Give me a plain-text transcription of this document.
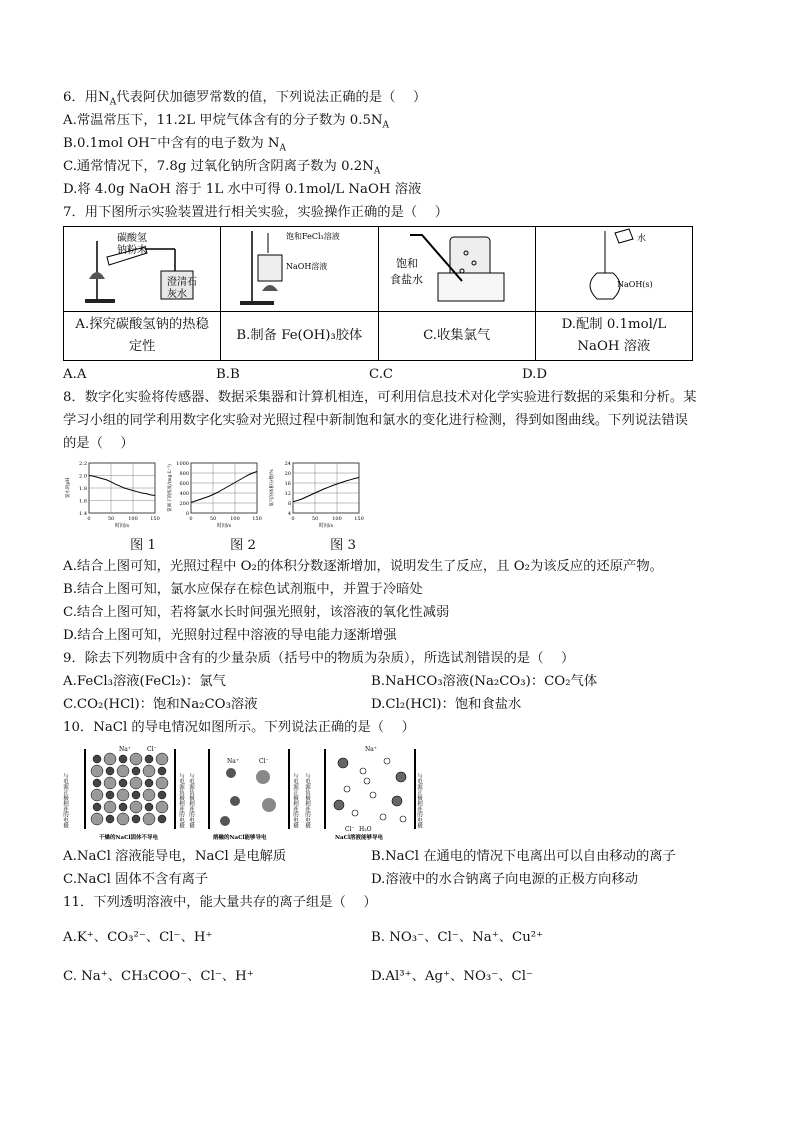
6．用$N_A$代表阿伏加德罗常数的值，下列说法正确的是（　 ）
A.常温常压下，11.2L 甲烷气体含有的分子数为 $0.5N_A$
B.0.1mol OH−中含有的电子数为 $N_A$
C.通常情况下，7.8g 过氧化钠所含阴离子数为 $0.2N_A$
D.将 4.0g NaOH 溶于 1L 水中可得 0.1mol/L NaOH 溶液
7．用下图所示实验装置进行相关实验，实验操作正确的是（　 ）
碳酸氢
钠粉末
澄清石
灰水	饱和FeCl₃溶液
NaOH溶液	饱和
食盐水	水
NaOH(s)

A.探究碳酸氢钠的热稳定性	B.制备 Fe(OH)₃胶体	C.收集氯气	D.配制 0.1mol/L NaOH 溶液
A.A	B.B	C.C	D.D
8．数字化实验将传感器、数据采集器和计算机相连，可利用信息技术对化学实验进行数据的采集和分析。某
学习小组的同学利用数字化实验对光照过程中新制饱和氯水的变化进行检测，得到如图曲线。下列说法错误
的是（　 ）
2.2
2.0
1.8
1.6
1.4
0	50	100 150
时间/s
氯水的pH
1000
800
600
400
200
0
0	50	100 150
时间/s
氯离子的浓度/(mg·L⁻¹)
24
20
16
12
8
4
0	50	100 150
时间/s
氧气的体积分数/%
图 1	图 2	图 3
A.结合上图可知，光照过程中 O₂的体积分数逐渐增加，说明发生了反应，且 O₂为该反应的还原产物。
B.结合上图可知，氯水应保存在棕色试剂瓶中，并置于冷暗处
C.结合上图可知，若将氯水长时间强光照射，该溶液的氧化性减弱
D.结合上图可知，光照射过程中溶液的导电能力逐渐增强
9．除去下列物质中含有的少量杂质（括号中的物质为杂质），所选试剂错误的是（　 ）
A.FeCl₃溶液(FeCl₂)：氯气	B.NaHCO₃溶液(Na₂CO₃)：CO₂气体
C.CO₂(HCl)：饱和Na₂CO₃溶液	D.Cl₂(HCl)：饱和食盐水
10．NaCl 的导电情况如图所示。下列说法正确的是（　 ）
与电源正极相连的电极	与电源负极相连的电极
Na⁺	Cl⁻
干燥的NaCl固体不导电
与电源负极相连的电极	与电源正极相连的电极
Na⁺	Cl⁻
熔融的NaCl能够导电
与电源负极相连的电极	与电源正极相连的电极
Na⁺
Cl⁻ H₂O
NaCl溶液能够导电
A.NaCl 溶液能导电，NaCl 是电解质	B.NaCl 在通电的情况下电离出可以自由移动的离子
C.NaCl 固体不含有离子	D.溶液中的水合钠离子向电源的正极方向移动
11．下列透明溶液中，能大量共存的离子组是（　 ）
A.K⁺、CO₃²⁻、Cl⁻、H⁺	B. NO₃⁻、Cl⁻、Na⁺、Cu²⁺
C. Na⁺、CH₃COO⁻、Cl⁻、H⁺	D.Al³⁺、Ag⁺、NO₃⁻、Cl⁻
